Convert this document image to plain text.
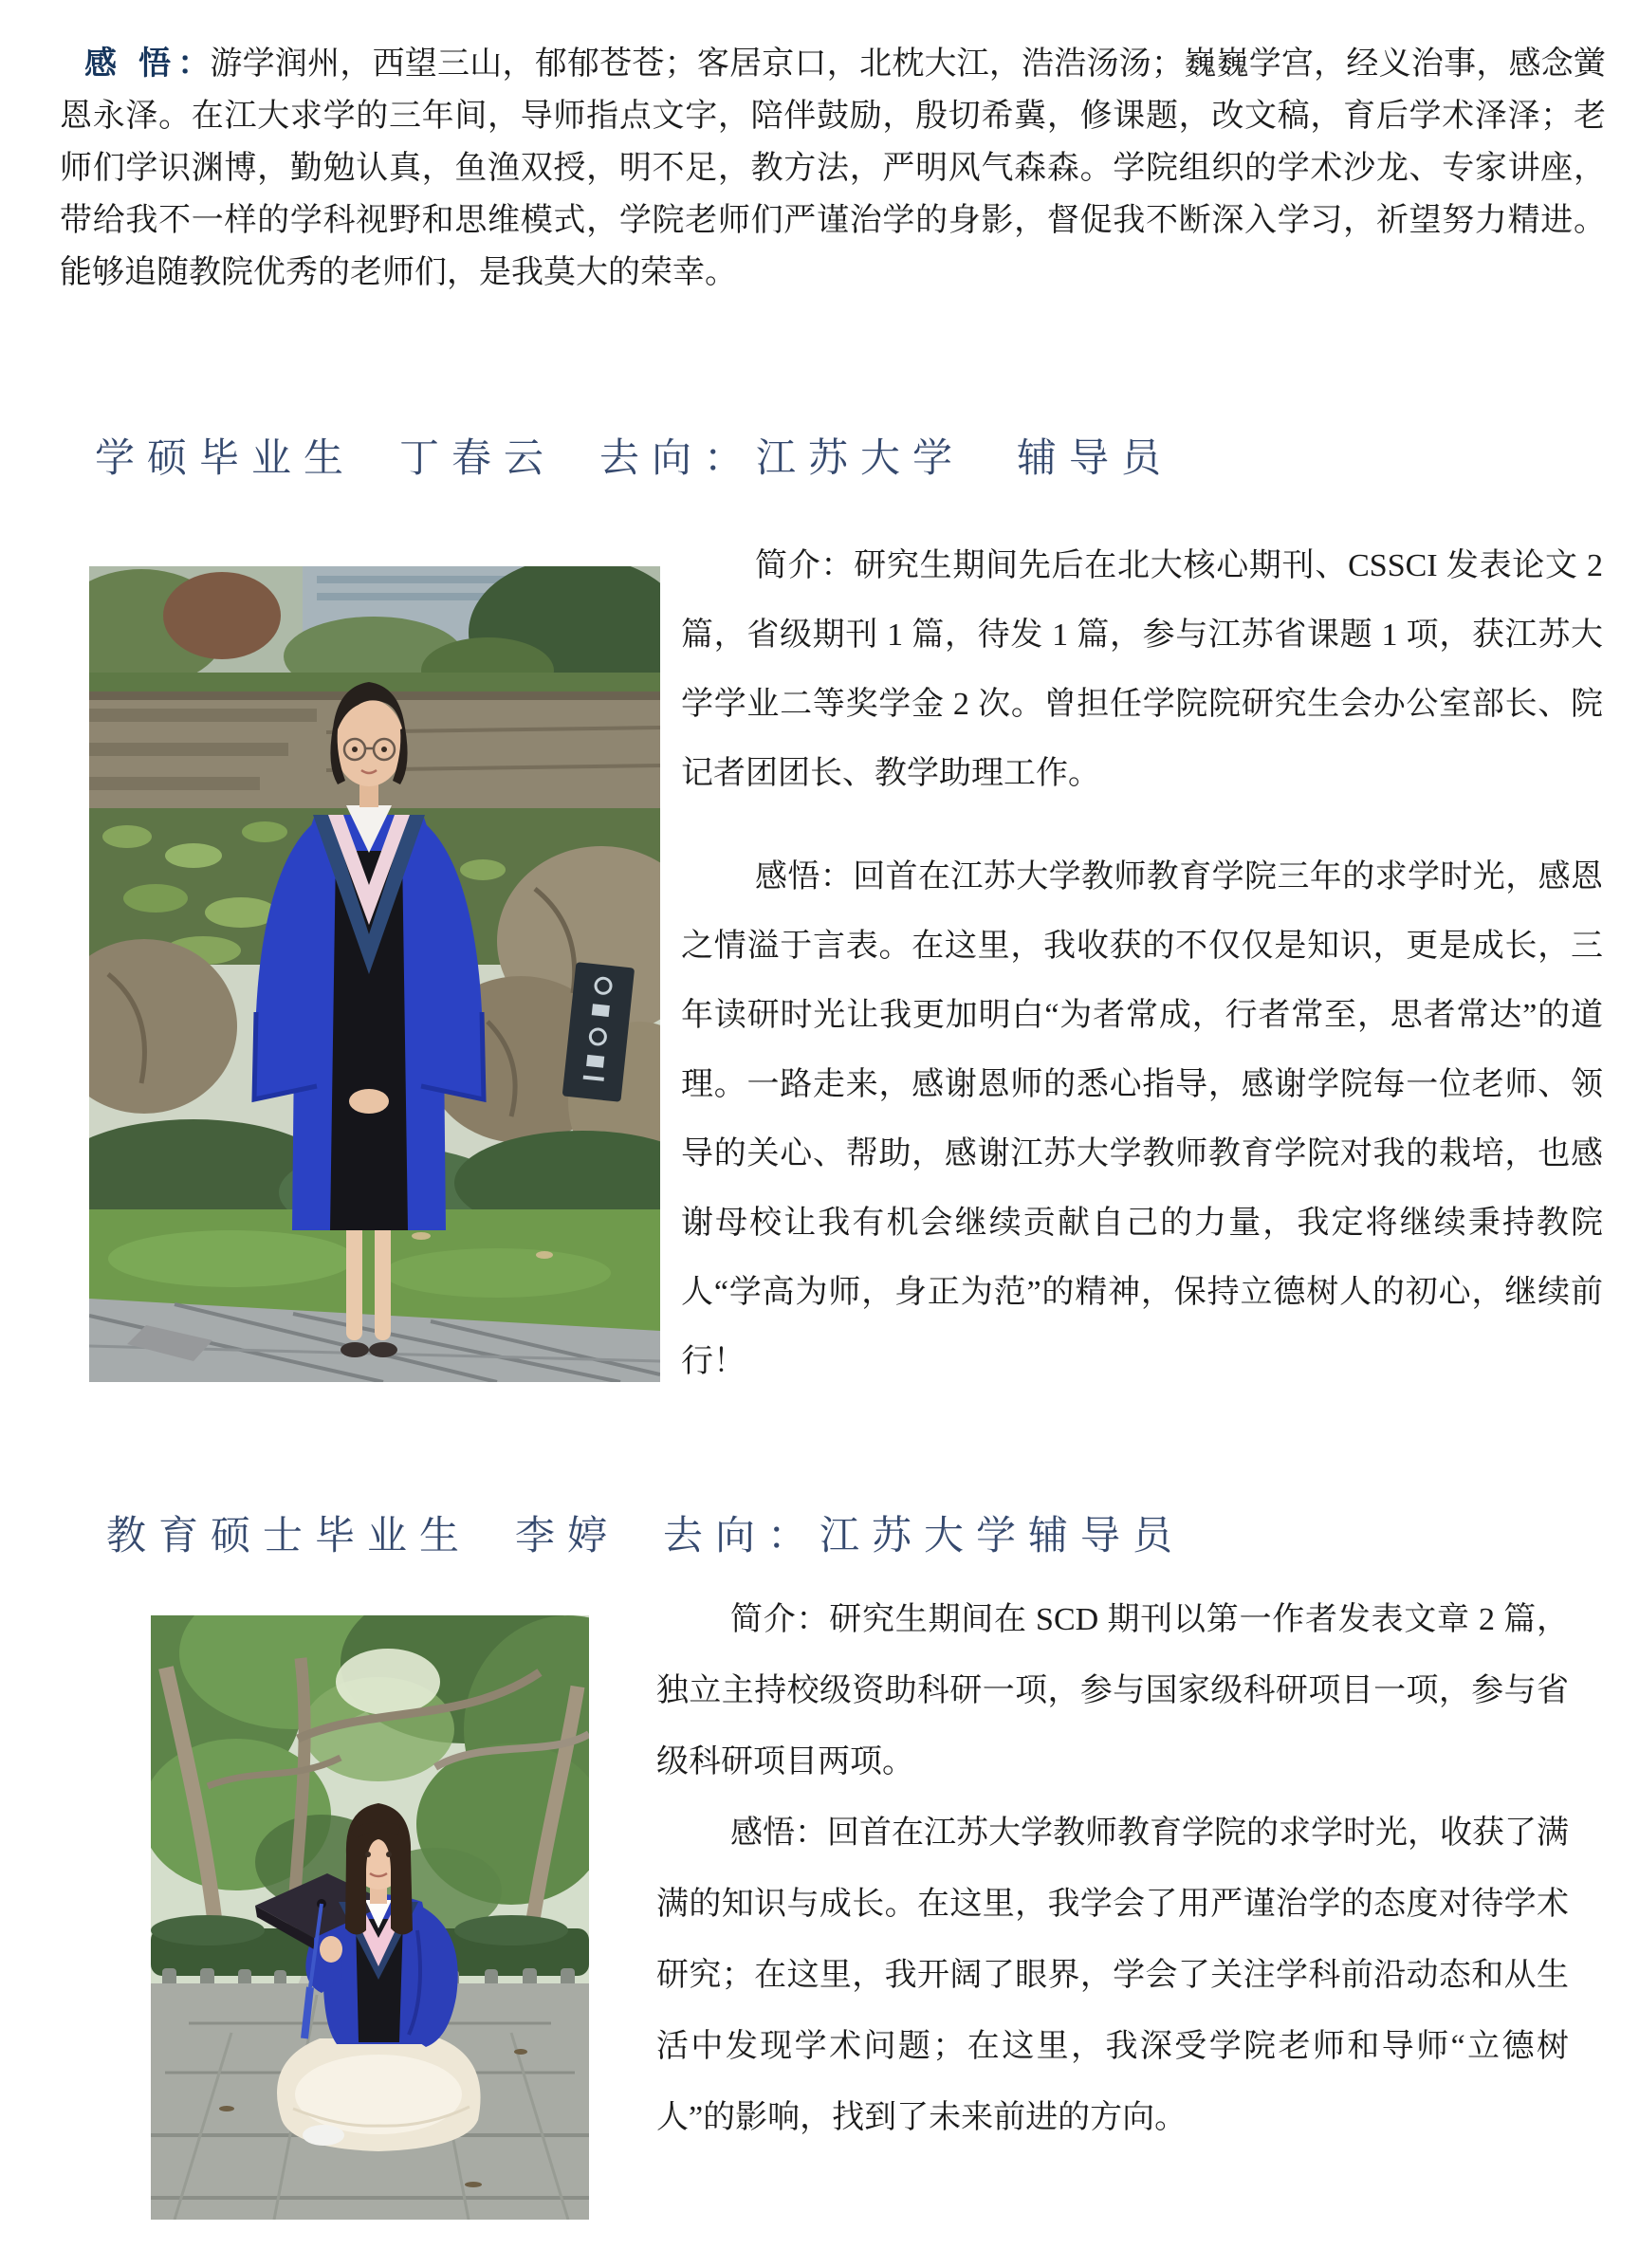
感 悟：游学润州，西望三山，郁郁苍苍；客居京口，北枕大江，浩浩汤汤；巍巍学宫，经义治事，感念黉恩永泽。在江大求学的三年间，导师指点文字，陪伴鼓励，殷切希冀，修课题，改文稿，育后学术泽泽；老师们学识渊博，勤勉认真，鱼渔双授，明不足，教方法，严明风气森森。学院组织的学术沙龙、专家讲座，带给我不一样的学科视野和思维模式，学院老师们严谨治学的身影，督促我不断深入学习，祈望努力精进。能够追随教院优秀的老师们，是我莫大的荣幸。

学硕毕业生 丁春云 去向：江苏大学　辅导员

简介：研究生期间先后在北大核心期刊、CSSCI 发表论文 2 篇，省级期刊 1 篇，待发 1 篇，参与江苏省课题 1 项，获江苏大学学业二等奖学金 2 次。曾担任学院院研究生会办公室部长、院记者团团长、教学助理工作。

感悟：回首在江苏大学教师教育学院三年的求学时光，感恩之情溢于言表。在这里，我收获的不仅仅是知识，更是成长，三年读研时光让我更加明白“为者常成，行者常至，思者常达”的道理。一路走来，感谢恩师的悉心指导，感谢学院每一位老师、领导的关心、帮助，感谢江苏大学教师教育学院对我的栽培，也感谢母校让我有机会继续贡献自己的力量，我定将继续秉持教院人“学高为师，身正为范”的精神，保持立德树人的初心，继续前行！

教育硕士毕业生 李婷 去向：江苏大学辅导员

简介：研究生期间在 SCD 期刊以第一作者发表文章 2 篇，独立主持校级资助科研一项，参与国家级科研项目一项，参与省级科研项目两项。

感悟：回首在江苏大学教师教育学院的求学时光，收获了满满的知识与成长。在这里，我学会了用严谨治学的态度对待学术研究；在这里，我开阔了眼界，学会了关注学科前沿动态和从生活中发现学术问题；在这里，我深受学院老师和导师“立德树人”的影响，找到了未来前进的方向。
